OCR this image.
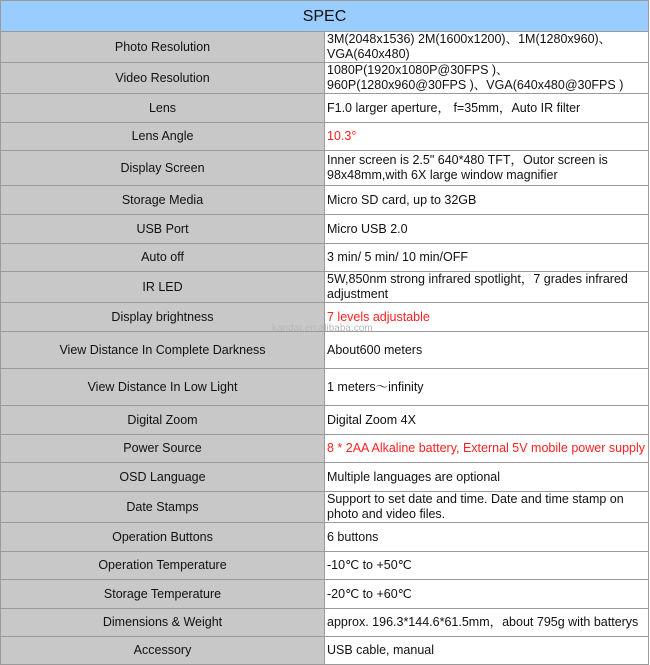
SPEC	
Photo Resolution	3M(2048x1536) 2M(1600x1200)、1M(1280x960)、VGA(640x480)
Video Resolution	1080P(1920x1080P@30FPS )、960P(1280x960@30FPS )、VGA(640x480@30FPS )
Lens	F1.0 larger aperture， f=35mm，Auto IR filter
Lens Angle	10.3°
Display Screen	Inner screen is 2.5" 640*480 TFT，Outor screen is 98x48mm,with 6X large window magnifier
Storage Media	Micro SD card, up to 32GB
USB Port	Micro USB 2.0
Auto off	3 min/ 5 min/ 10 min/OFF
IR LED	5W,850nm strong infrared spotlight，7 grades infrared adjustment
Display brightness	7 levels adjustable
View Distance In Complete Darkness	About600 meters
View Distance In Low Light	1 meters～infinity
Digital Zoom	Digital Zoom 4X
Power Source	8 * 2AA Alkaline battery, External 5V mobile power supply
OSD Language	Multiple languages are optional
Date Stamps	Support to set date and time. Date and time stamp on photo and video files.
Operation Buttons	6 buttons
Operation Temperature	-10℃ to +50℃
Storage Temperature	-20℃ to +60℃
Dimensions & Weight	approx. 196.3*144.6*61.5mm，about 795g with batterys
Accessory	USB cable, manual
kandar.en.alibaba.com
